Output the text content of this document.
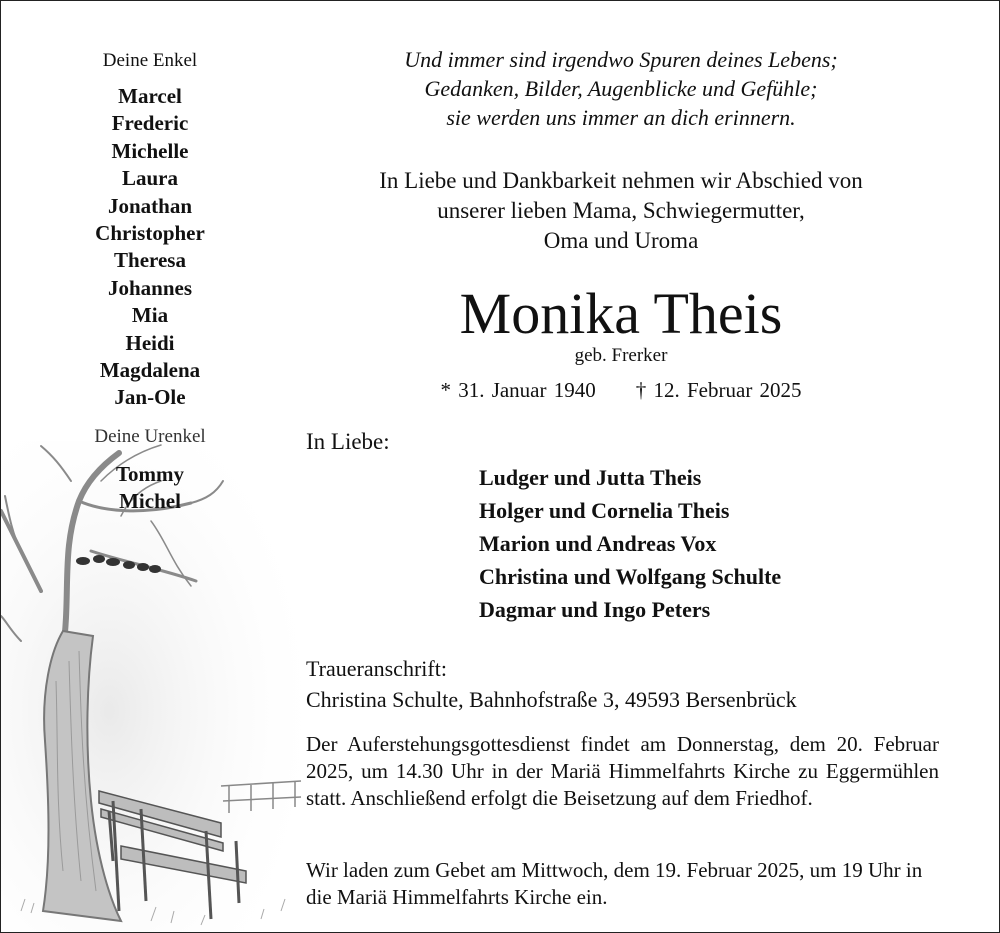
Deine Enkel
Marcel
Frederic
Michelle
Laura
Jonathan
Christopher
Theresa
Johannes
Mia
Heidi
Magdalena
Jan-Ole
Deine Urenkel
Tommy
Michel
Und immer sind irgendwo Spuren deines Lebens;
Gedanken, Bilder, Augenblicke und Gefühle;
sie werden uns immer an dich erinnern.
In Liebe und Dankbarkeit nehmen wir Abschied von
unserer lieben Mama, Schwiegermutter,
Oma und Uroma
Monika Theis
geb. Frerker
* 31. Januar 1940 † 12. Februar 2025
In Liebe:
Ludger und Jutta Theis
Holger und Cornelia Theis
Marion und Andreas Vox
Christina und Wolfgang Schulte
Dagmar und Ingo Peters
Traueranschrift:
Christina Schulte, Bahnhofstraße 3, 49593 Bersenbrück
Der Auferstehungsgottesdienst findet am Donnerstag, dem 20. Februar 2025, um 14.30 Uhr in der Mariä Himmelfahrts Kirche zu Eggermühlen statt. Anschließend erfolgt die Beisetzung auf dem Friedhof.
Wir laden zum Gebet am Mittwoch, dem 19. Februar 2025, um 19 Uhr in die Mariä Himmelfahrts Kirche ein.
